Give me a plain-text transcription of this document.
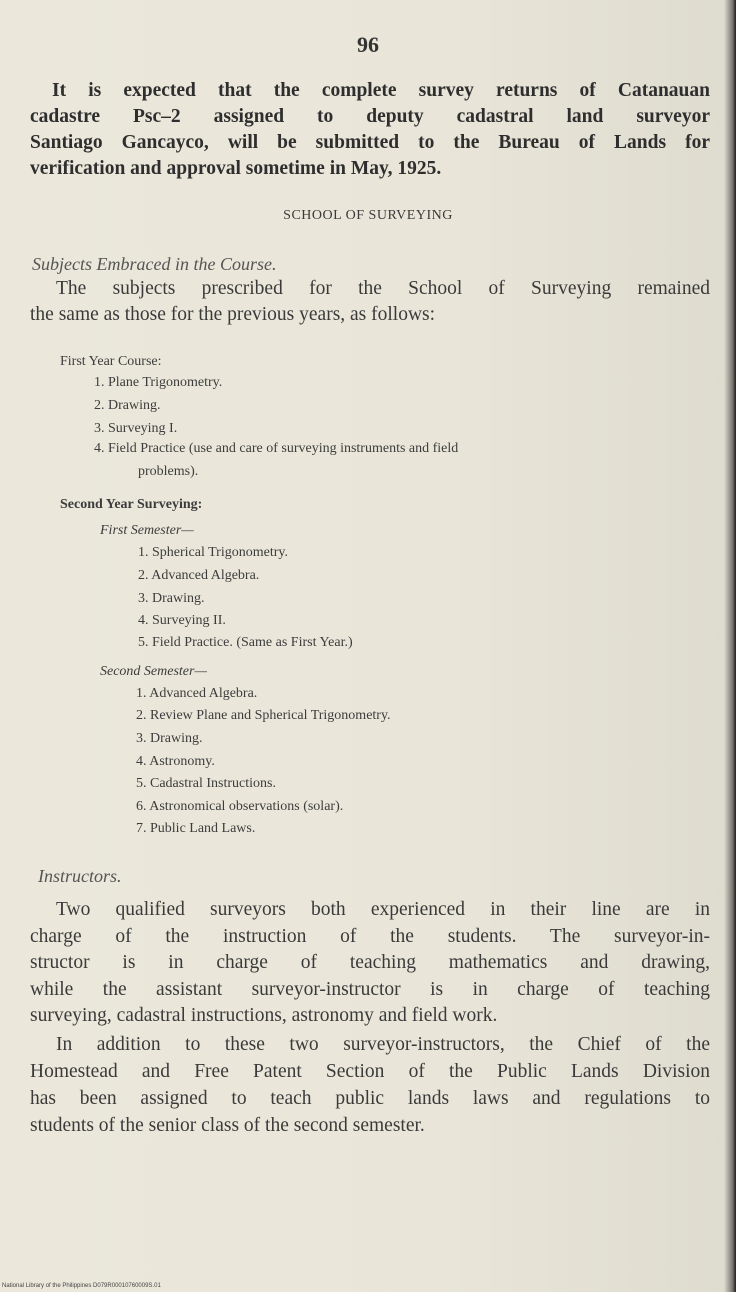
96
It is expected that the complete survey returns of Catanauan
cadastre Psc–2 assigned to deputy cadastral land surveyor
Santiago Gancayco, will be submitted to the Bureau of Lands for
verification and approval sometime in May, 1925.
SCHOOL OF SURVEYING
Subjects Embraced in the Course.
The subjects prescribed for the School of Surveying remained
the same as those for the previous years, as follows:
First Year Course:
1. Plane Trigonometry.
2. Drawing.
3. Surveying I.
4. Field Practice (use and care of surveying instruments and field
problems).
Second Year Surveying:
First Semester—
1. Spherical Trigonometry.
2. Advanced Algebra.
3. Drawing.
4. Surveying II.
5. Field Practice. (Same as First Year.)
Second Semester—
1. Advanced Algebra.
2. Review Plane and Spherical Trigonometry.
3. Drawing.
4. Astronomy.
5. Cadastral Instructions.
6. Astronomical observations (solar).
7. Public Land Laws.
Instructors.
Two qualified surveyors both experienced in their line are in
charge of the instruction of the students. The surveyor-in-
structor is in charge of teaching mathematics and drawing,
while the assistant surveyor-instructor is in charge of teaching
surveying, cadastral instructions, astronomy and field work.
In addition to these two surveyor-instructors, the Chief of the
Homestead and Free Patent Section of the Public Lands Division
has been assigned to teach public lands laws and regulations to
students of the senior class of the second semester.
National Library of the Philippines D079R00010760009S.01
